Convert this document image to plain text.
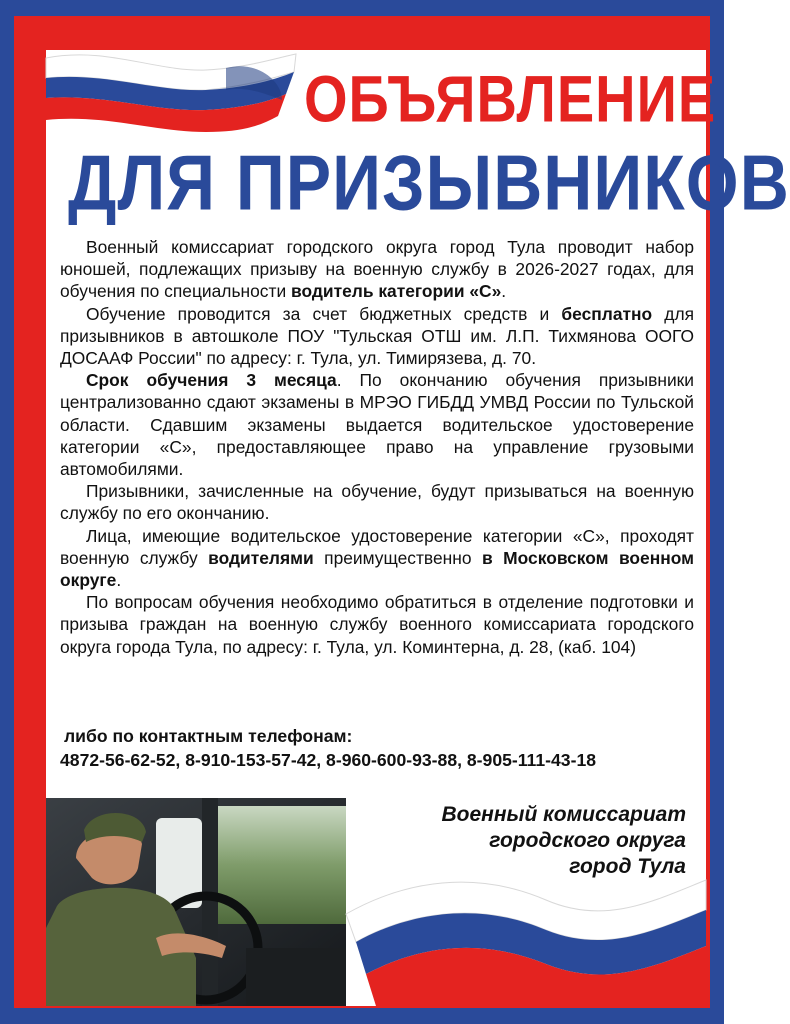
ОБЪЯВЛЕНИЕ
ДЛЯ ПРИЗЫВНИКОВ

Военный комиссариат городского округа город Тула проводит набор юношей, подлежащих призыву на военную службу в 2026-2027 годах, для обучения по специальности водитель категории «С».

Обучение проводится за счет бюджетных средств и бесплатно для призывников в автошколе ПОУ "Тульская ОТШ им. Л.П. Тихмянова ООГО ДОСААФ России" по адресу: г. Тула, ул. Тимирязева, д. 70.

Срок обучения 3 месяца. По окончанию обучения призывники централизованно сдают экзамены в МРЭО ГИБДД УМВД России по Тульской области. Сдавшим экзамены выдается водительское удостоверение категории «С», предоставляющее право на управление грузовыми автомобилями.

Призывники, зачисленные на обучение, будут призываться на военную службу по его окончанию.

Лица, имеющие водительское удостоверение категории «С», проходят военную службу водителями преимущественно в Московском военном округе.

По вопросам обучения необходимо обратиться в отделение подготовки и призыва граждан на военную службу военного комиссариата городского округа города Тула, по адресу: г. Тула, ул. Коминтерна, д. 28, (каб. 104)

либо по контактным телефонам:
4872-56-62-52, 8-910-153-57-42, 8-960-600-93-88, 8-905-111-43-18
Военный комиссариат
городского округа
город Тула
